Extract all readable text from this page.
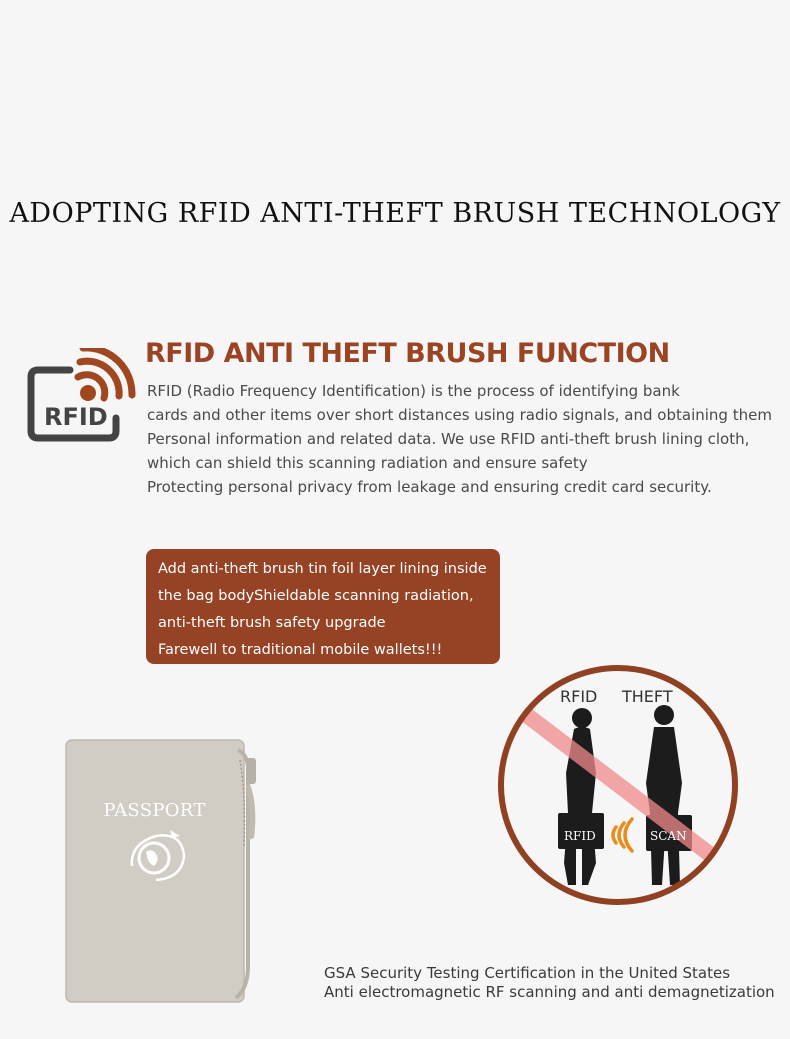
ADOPTING RFID ANTI-THEFT BRUSH TECHNOLOGY
RFID
RFID ANTI THEFT BRUSH FUNCTION

RFID (Radio Frequency Identification) is the process of identifying bank

cards and other items over short distances using radio signals, and obtaining them

Personal information and related data. We use RFID anti-theft brush lining cloth,

which can shield this scanning radiation and ensure safety

Protecting personal privacy from leakage and ensuring credit card security.

Add anti-theft brush tin foil layer lining inside

the bag bodyShieldable scanning radiation,

anti-theft brush safety upgrade

Farewell to traditional mobile wallets!!!

PASSPORT
RFID THEFT
RFID	SCAN

GSA Security Testing Certification in the United States

Anti electromagnetic RF scanning and anti demagnetization
